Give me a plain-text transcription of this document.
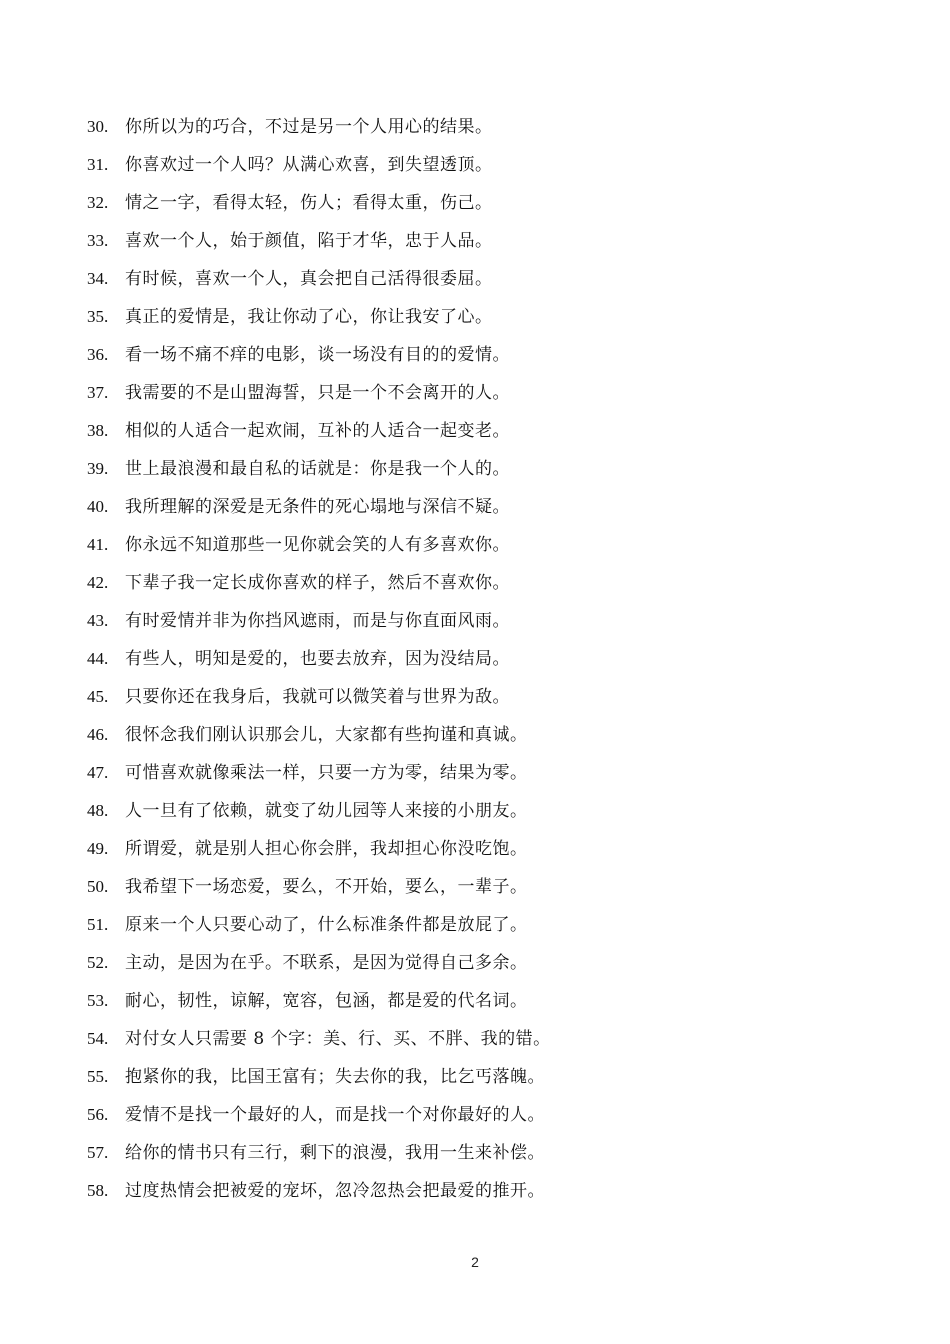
30. 你所以为的巧合，不过是另一个人用心的结果。
31. 你喜欢过一个人吗？从满心欢喜，到失望透顶。
32. 情之一字，看得太轻，伤人；看得太重，伤己。
33. 喜欢一个人，始于颜值，陷于才华，忠于人品。
34. 有时候，喜欢一个人，真会把自己活得很委屈。
35. 真正的爱情是，我让你动了心，你让我安了心。
36. 看一场不痛不痒的电影，谈一场没有目的的爱情。
37. 我需要的不是山盟海誓，只是一个不会离开的人。
38. 相似的人适合一起欢闹，互补的人适合一起变老。
39. 世上最浪漫和最自私的话就是：你是我一个人的。
40. 我所理解的深爱是无条件的死心塌地与深信不疑。
41. 你永远不知道那些一见你就会笑的人有多喜欢你。
42. 下辈子我一定长成你喜欢的样子，然后不喜欢你。
43. 有时爱情并非为你挡风遮雨，而是与你直面风雨。
44. 有些人，明知是爱的，也要去放弃，因为没结局。
45. 只要你还在我身后，我就可以微笑着与世界为敌。
46. 很怀念我们刚认识那会儿，大家都有些拘谨和真诚。
47. 可惜喜欢就像乘法一样，只要一方为零，结果为零。
48. 人一旦有了依赖，就变了幼儿园等人来接的小朋友。
49. 所谓爱，就是别人担心你会胖，我却担心你没吃饱。
50. 我希望下一场恋爱，要么，不开始，要么，一辈子。
51. 原来一个人只要心动了，什么标准条件都是放屁了。
52. 主动，是因为在乎。不联系，是因为觉得自己多余。
53. 耐心，韧性，谅解，宽容，包涵，都是爱的代名词。
54. 对付女人只需要 8 个字：美、行、买、不胖、我的错。
55. 抱紧你的我，比国王富有；失去你的我，比乞丐落魄。
56. 爱情不是找一个最好的人，而是找一个对你最好的人。
57. 给你的情书只有三行，剩下的浪漫，我用一生来补偿。
58. 过度热情会把被爱的宠坏，忽冷忽热会把最爱的推开。
2
